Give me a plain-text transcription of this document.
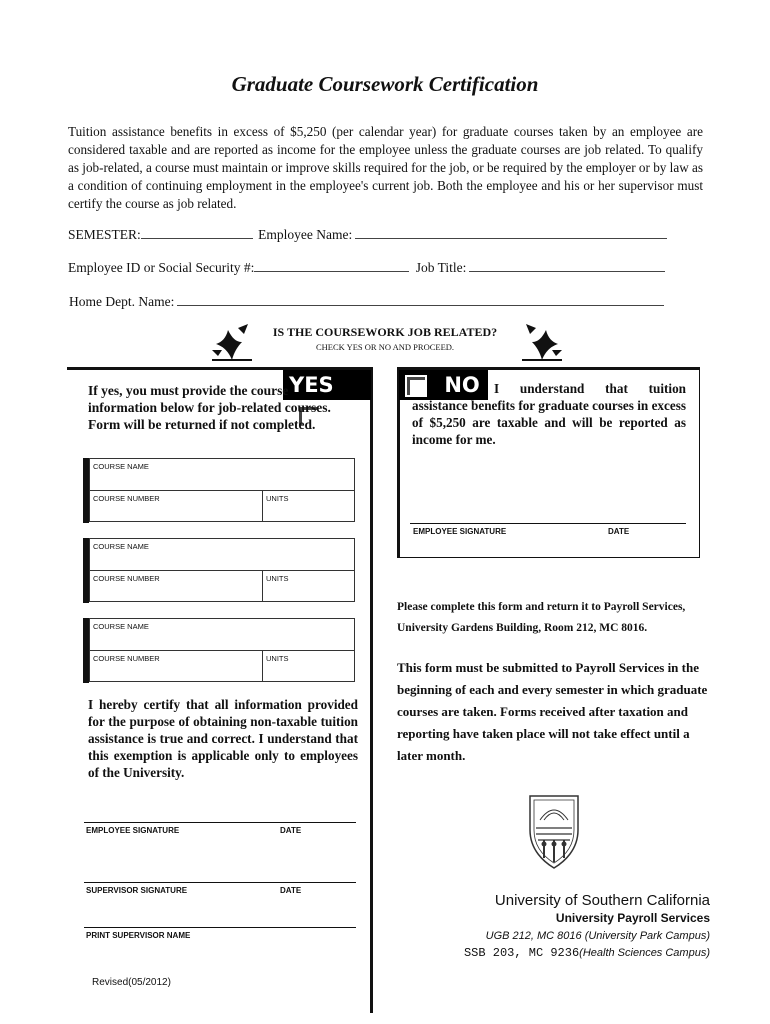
Graduate Coursework Certification
Tuition assistance benefits in excess of $5,250 (per calendar year) for graduate courses taken by an employee are considered taxable and are reported as income for the employee unless the graduate courses are job related. To qualify as job-related, a course must maintain or improve skills required for the job, or be required by the employer or by law as a condition of continuing employment in the employee's current job. Both the employee and his or her supervisor must certify the course as job related.
SEMESTER:	Employee Name:
Employee ID or Social Security #:	Job Title:
Home Dept. Name:
IS THE COURSEWORK JOB RELATED?
CHECK YES OR NO AND PROCEED.
YES
If yes, you must provide the course information below for job-related courses. Form will be returned if not completed.
COURSE NAME
COURSE NUMBER	UNITS
COURSE NAME
COURSE NUMBER	UNITS
COURSE NAME
COURSE NUMBER	UNITS
I hereby certify that all information provided for the purpose of obtaining non-taxable tuition assistance is true and correct. I understand that this exemption is applicable only to employees of the University.
EMPLOYEE SIGNATURE	DATE
SUPERVISOR SIGNATURE	DATE
PRINT SUPERVISOR NAME
NO	I understand that tuition assistance benefits for graduate courses in excess of $5,250 are taxable and will be reported as income for me.
EMPLOYEE SIGNATURE	DATE
Please complete this form and return it to Payroll Services, University Gardens Building, Room 212, MC 8016.
This form must be submitted to Payroll Services in the beginning of each and every semester in which graduate courses are taken. Forms received after taxation and reporting have taken place will not take effect until a later month.
University of Southern California
University Payroll Services
UGB 212, MC 8016 (University Park Campus)
SSB 203, MC 9236(Health Sciences Campus)
Revised(05/2012)
